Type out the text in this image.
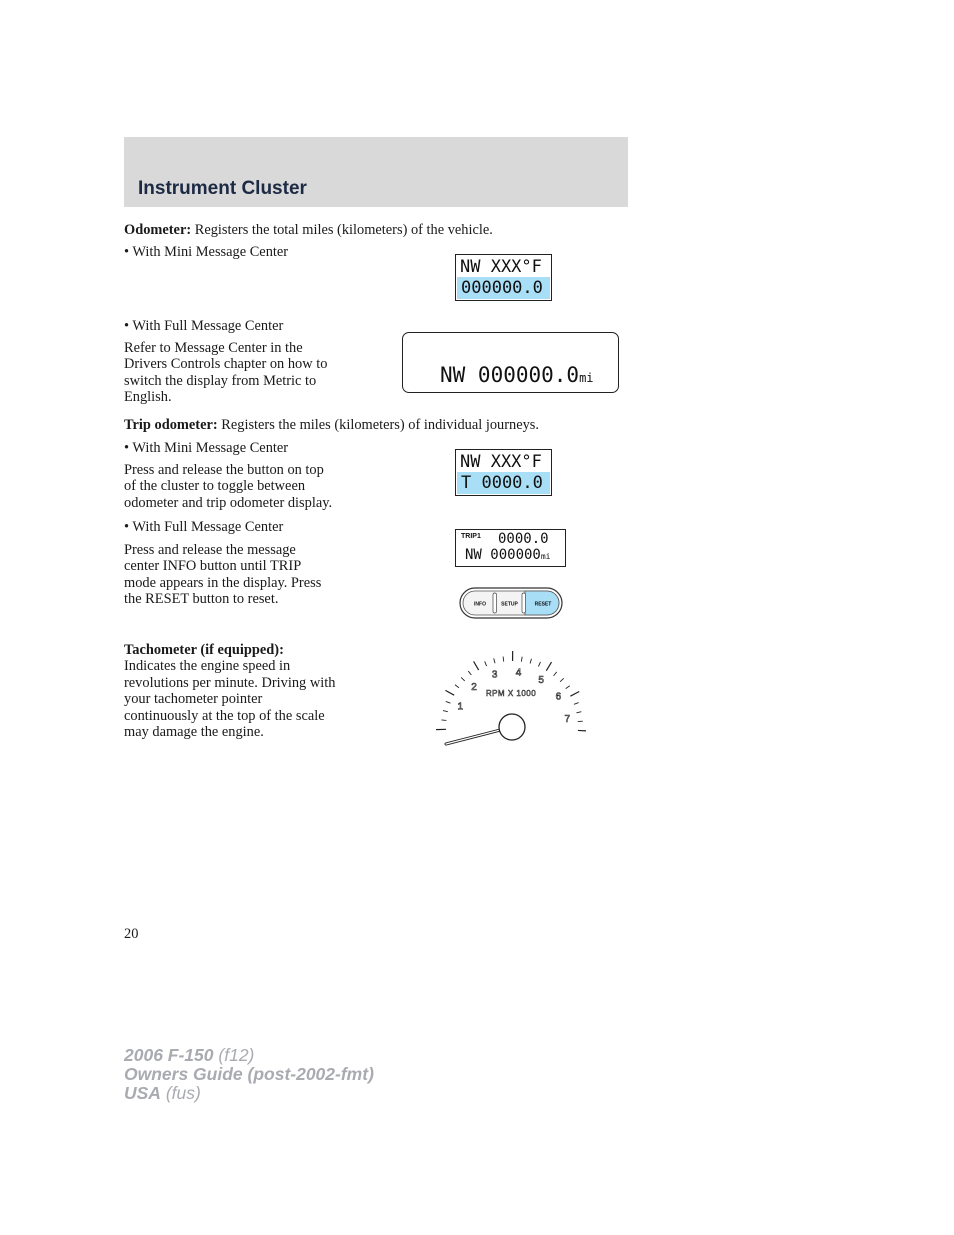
Instrument Cluster
Odometer: Registers the total miles (kilometers) of the vehicle.
• With Mini Message Center
NW XXX°F
000000.0
• With Full Message Center
Refer to Message Center in the
Drivers Controls chapter on how to
switch the display from Metric to
English.
NW 000000.0mi
Trip odometer: Registers the miles (kilometers) of individual journeys.
• With Mini Message Center
Press and release the button on top
of the cluster to toggle between
odometer and trip odometer display.
NW XXX°F
T 0000.0
• With Full Message Center
Press and release the message
center INFO button until TRIP
mode appears in the display. Press
the RESET button to reset.
TRIP1	0000.0
NW 000000mi
INFO	SETUP	RESET
Tachometer (if equipped):
Indicates the engine speed in
revolutions per minute. Driving with
your tachometer pointer
continuously at the top of the scale
may damage the engine.
1
2
3 4
5
6
7
RPM X 1000
20
2006 F-150 (f12)
Owners Guide (post-2002-fmt)
USA (fus)
